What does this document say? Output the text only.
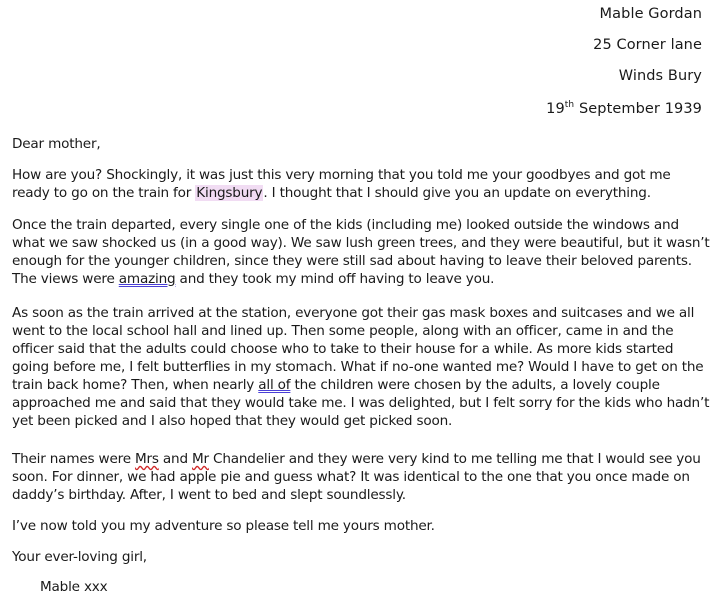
Mable Gordan
25 Corner lane
Winds Bury
19th September 1939
Dear mother,
How are you? Shockingly, it was just this very morning that you told me your goodbyes and got me ready to go on the train for Kingsbury. I thought that I should give you an update on everything.
Once the train departed, every single one of the kids (including me) looked outside the windows and what we saw shocked us (in a good way). We saw lush green trees, and they were beautiful, but it wasn’t enough for the younger children, since they were still sad about having to leave their beloved parents. The views were amazing and they took my mind off having to leave you.
As soon as the train arrived at the station, everyone got their gas mask boxes and suitcases and we all went to the local school hall and lined up. Then some people, along with an officer, came in and the officer said that the adults could choose who to take to their house for a while. As more kids started going before me, I felt butterflies in my stomach. What if no-one wanted me? Would I have to get on the train back home? Then, when nearly all of the children were chosen by the adults, a lovely couple approached me and said that they would take me. I was delighted, but I felt sorry for the kids who hadn’t yet been picked and I also hoped that they would get picked soon.
Their names were Mrs and Mr Chandelier and they were very kind to me telling me that I would see you soon. For dinner, we had apple pie and guess what? It was identical to the one that you once made on daddy’s birthday. After, I went to bed and slept soundlessly.
I’ve now told you my adventure so please tell me yours mother.
Your ever-loving girl,
Mable xxx
